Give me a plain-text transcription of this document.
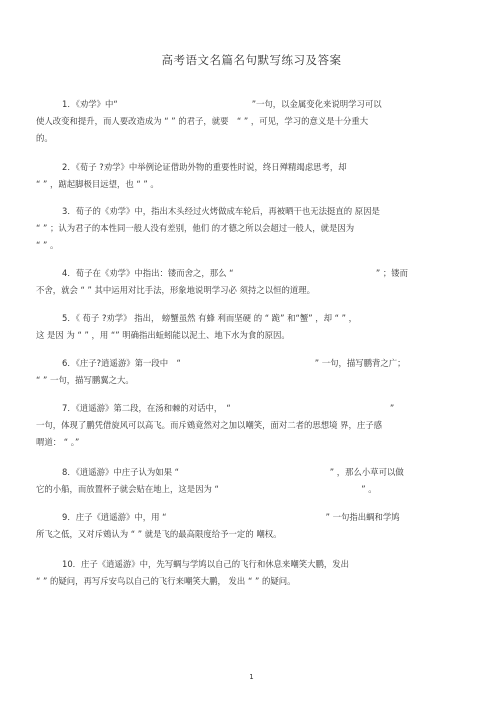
高考语文名篇名句默写练习及答案
1．《劝学》中“　　　　　　　　　　　　　　　　”一句，以金属变化来说明学习可以
使人改变和提升，而人要改造成为 “ ” 的君子，就要　“ ” ，可见，学习的意义是十分重大
的。
2．《荀子 ?劝学》中举例论证借助外物的重要性时说，终日殚精竭虑思考，却
“ ” ，踮起脚极目远望，也 “ ” 。
3．荀子的《劝学》中，指出木头经过火烤做成车轮后，再被晒干也无法挺直的 原因是
“ ” ；认为君子的本性同一般人没有差别，他们 的才德之所以会超过一般人，就是因为
“ ” 。
4．荀子在《劝学》中指出：镂而舍之，那么 “　　　　　　　　　　　　　　　　　” ；镂而
不舍，就会 “ ” 其中运用对比手法，形象地说明学习必 须持之以恒的道理。
5．《 荀子 ?劝学》 指出， 螃蟹虽然 有蜂 利而坚硬 的 “ 跪” 和“蟹” ，却 “ ” ，
这 是因 为 “ ” ，用 “” 明确指出蚯蚓能以泥土、地下水为食的原因。
6．《庄子?逍遥游》第一段中　“　　　　　　　　　　　　　　　　” 一句，描写鹏背之广；
“ ” 一句，描写鹏翼之大。
7．《逍遥游》第二段，在汤和棘的对话中，　“　　　　　　　　　　　　　　　　　　　”
一句，体现了鹏凭借旋风可以高飞。而斥鴳竟然对之加以嘲笑，面对二者的思想境 界，庄子感
喟道： “ 。”
8．《逍遥游》中庄子认为如果 “　　　　　　　　　　　　　　　　　　” ，那么小草可以做
它的小船，而放置杯子就会贴在地上，这是因为 “　　　　　　　　　　　　　　　　　” 。
9．庄子《逍遥游》中，用 “　　　　　　　　　　　　　　　　　　　” 一句指出蜩和学鸠
所飞之低，又对斥鴳认为 “ ” 就是飞的最高限度给予一定的 嘲权。
10．庄子《逍遥游》中，先写蜩与学鸠以自己的飞行和休息来嘲笑大鹏，发出
“ ” 的疑问，再写斥安鸟以自己的飞行来嘲笑大鹏， 发出 “ ” 的疑问。
1
